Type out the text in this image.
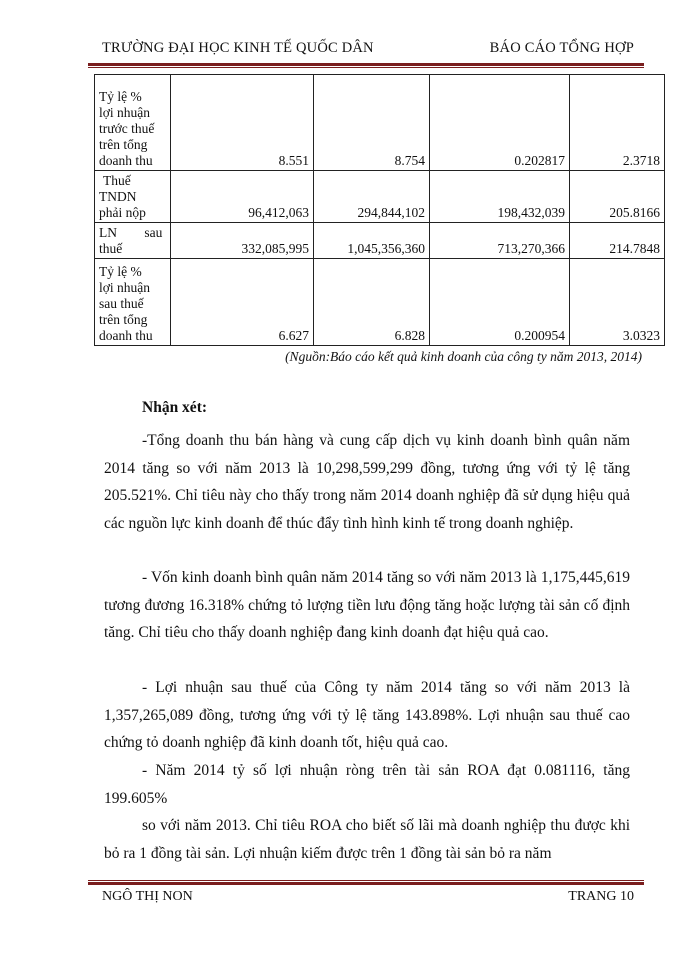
TRƯỜNG ĐẠI HỌC KINH TẾ QUỐC DÂN	BÁO CÁO TỔNG HỢP
Tỷ lệ %
lợi nhuận
trước thuế
trên tổng
doanh thu	8.551	8.754	0.202817	2.3718

Thuế
TNDN
phải nộp	96,412,063	294,844,102	198,432,039	205.8166

LN sau
thuế	332,085,995	1,045,356,360	713,270,366	214.7848

Tỷ lệ %
lợi nhuận
sau thuế
trên tổng
doanh thu	6.627	6.828	0.200954	3.0323
(Nguồn:Báo cáo kết quả kinh doanh của công ty năm 2013, 2014)
Nhận xét:
-Tổng doanh thu bán hàng và cung cấp dịch vụ kinh doanh bình quân năm 2014 tăng so với năm 2013 là 10,298,599,299 đồng, tương ứng với tỷ lệ tăng 205.521%. Chỉ tiêu này cho thấy trong năm 2014 doanh nghiệp đã sử dụng hiệu quả các nguồn lực kinh doanh để thúc đẩy tình hình kinh tế trong doanh nghiệp.
- Vốn kinh doanh bình quân năm 2014 tăng so với năm 2013 là 1,175,445,619 tương đương 16.318% chứng tỏ lượng tiền lưu động tăng hoặc lượng tài sản cố định tăng. Chỉ tiêu cho thấy doanh nghiệp đang kinh doanh đạt hiệu quả cao.
- Lợi nhuận sau thuế của Công ty năm 2014 tăng so với năm 2013 là 1,357,265,089 đồng, tương ứng với tỷ lệ tăng 143.898%. Lợi nhuận sau thuế cao chứng tỏ doanh nghiệp đã kinh doanh tốt, hiệu quả cao.
- Năm 2014 tỷ số lợi nhuận ròng trên tài sản ROA đạt 0.081116, tăng 199.605%
so với năm 2013. Chỉ tiêu ROA cho biết số lãi mà doanh nghiệp thu được khi bỏ ra 1 đồng tài sản. Lợi nhuận kiếm được trên 1 đồng tài sản bỏ ra năm
NGÔ THỊ NON	TRANG 10
